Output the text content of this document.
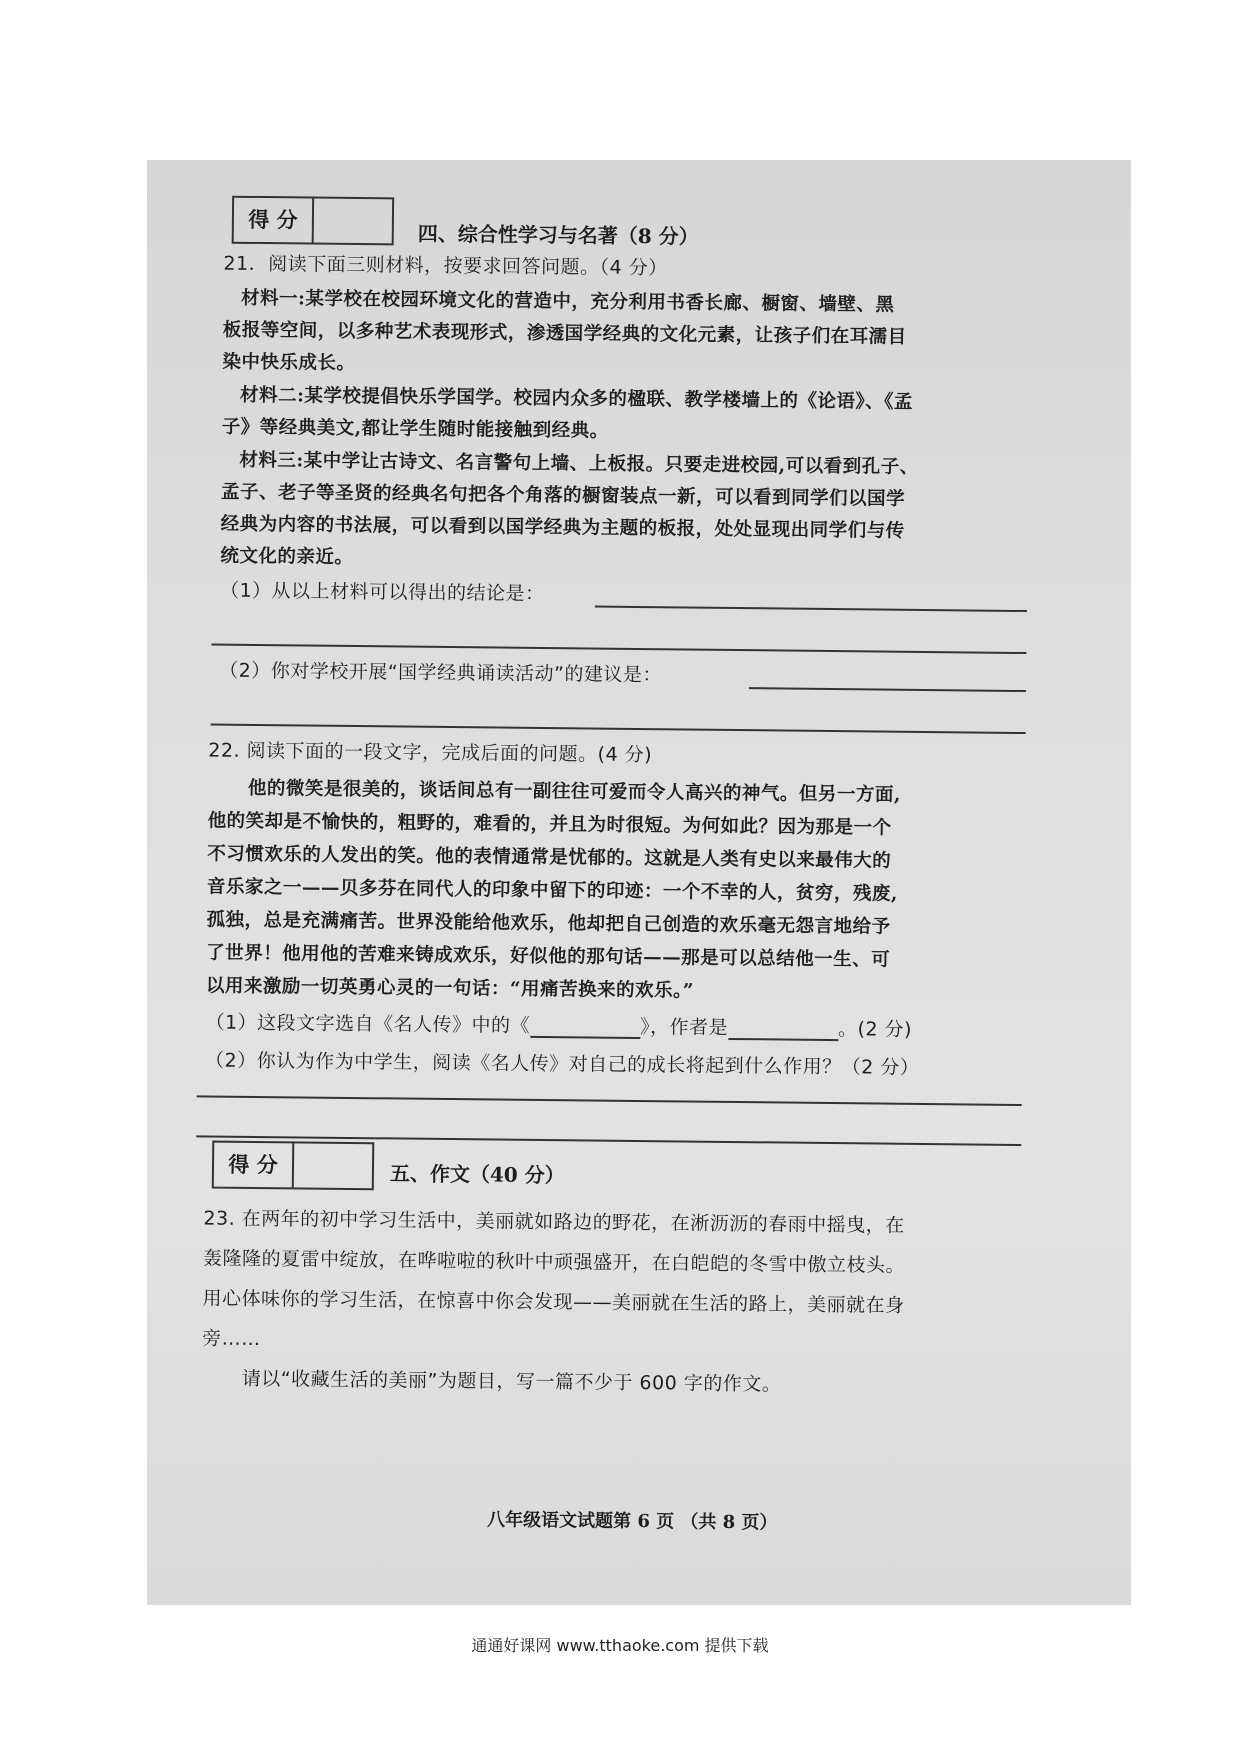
得 分
四、综合性学习与名著（8 分）
21．阅读下面三则材料，按要求回答问题。（4 分）
材料一:某学校在校园环境文化的营造中，充分利用书香长廊、橱窗、墙壁、黑
板报等空间，以多种艺术表现形式，渗透国学经典的文化元素，让孩子们在耳濡目
染中快乐成长。
材料二:某学校提倡快乐学国学。校园内众多的楹联、教学楼墙上的《论语》、《孟
子》等经典美文,都让学生随时能接触到经典。
材料三:某中学让古诗文、名言警句上墙、上板报。只要走进校园,可以看到孔子、
孟子、老子等圣贤的经典名句把各个角落的橱窗装点一新，可以看到同学们以国学
经典为内容的书法展，可以看到以国学经典为主题的板报，处处显现出同学们与传
统文化的亲近。
（1）从以上材料可以得出的结论是：
（2）你对学校开展“国学经典诵读活动”的建议是：
22. 阅读下面的一段文字，完成后面的问题。(4 分)
他的微笑是很美的，谈话间总有一副往往可爱而令人高兴的神气。但另一方面,
他的笑却是不愉快的，粗野的，难看的，并且为时很短。为何如此？因为那是一个
不习惯欢乐的人发出的笑。他的表情通常是忧郁的。这就是人类有史以来最伟大的
音乐家之一——贝多芬在同代人的印象中留下的印迹：一个不幸的人，贫穷，残废,
孤独，总是充满痛苦。世界没能给他欢乐，他却把自己创造的欢乐毫无怨言地给予
了世界！他用他的苦难来铸成欢乐，好似他的那句话——那是可以总结他一生、可
以用来激励一切英勇心灵的一句话：“用痛苦换来的欢乐。”
（1）这段文字选自《名人传》中的《	》，作者是	。(2 分)
（2）你认为作为中学生，阅读《名人传》对自己的成长将起到什么作用？（2 分）
得 分	五、作文（40 分）
23. 在两年的初中学习生活中，美丽就如路边的野花，在淅沥沥的春雨中摇曳，在
轰隆隆的夏雷中绽放，在哗啦啦的秋叶中顽强盛开，在白皑皑的冬雪中傲立枝头。
用心体味你的学习生活，在惊喜中你会发现——美丽就在生活的路上，美丽就在身
旁……
请以“收藏生活的美丽”为题目，写一篇不少于 600 字的作文。
八年级语文试题第 6 页 （共 8 页）
通通好课网 www.tthaoke.com 提供下载
